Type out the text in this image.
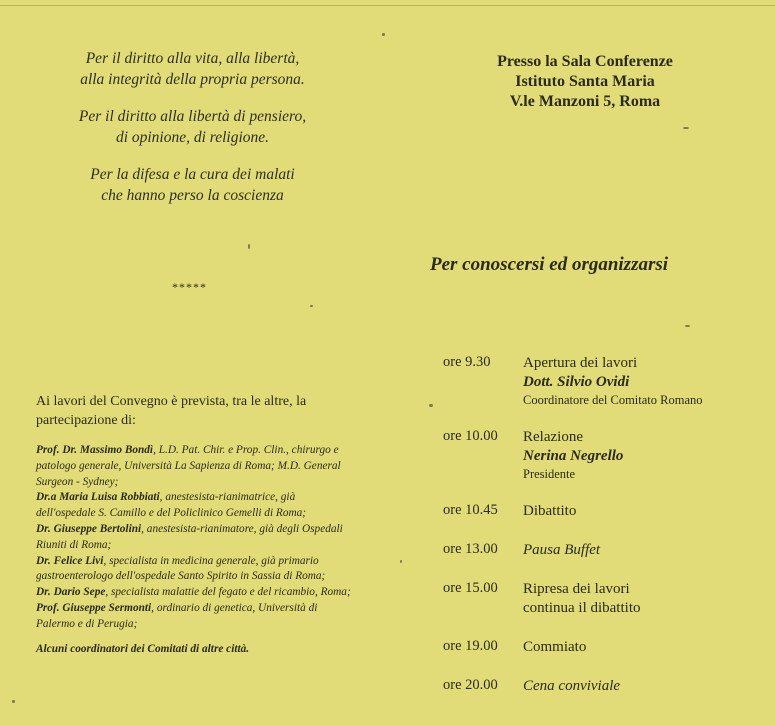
Per il diritto alla vita, alla libertà,
alla integrità della propria persona.
Per il diritto alla libertà di pensiero,
di opinione, di religione.
Per la difesa e la cura dei malati
che hanno perso la coscienza
*****
Ai lavori del Convegno è prevista, tra le altre, la
partecipazione di:

Prof. Dr. Massimo Bondì, L.D. Pat. Chir. e Prop. Clin., chirurgo e patologo generale, Università La Sapienza di Roma; M.D. General Surgeon - Sydney;

Dr.a Maria Luisa Robbiati, anestesista-rianimatrice, già dell'ospedale S. Camillo e del Policlinico Gemelli di Roma;

Dr. Giuseppe Bertolini, anestesista-rianimatore, già degli Ospedali Riuniti di Roma;

Dr. Felice Livi, specialista in medicina generale, già primario gastroenterologo dell'ospedale Santo Spirito in Sassia di Roma;

Dr. Dario Sepe, specialista malattie del fegato e del ricambio, Roma;

Prof. Giuseppe Sermonti, ordinario di genetica, Università di Palermo e di Perugia;

Alcuni coordinatori dei Comitati di altre città.

Presso la Sala Conferenze
Istituto Santa Maria
V.le Manzoni 5, Roma
Per conoscersi ed organizzarsi
ore 9.30 Apertura dei lavori
Dott. Silvio Ovidi
Coordinatore del Comitato Romano
ore 10.00 Relazione
Nerina Negrello
Presidente
ore 10.45 Dibattito
ore 13.00 Pausa Buffet
ore 15.00 Ripresa dei lavori
continua il dibattito
ore 19.00 Commiato
ore 20.00 Cena conviviale
